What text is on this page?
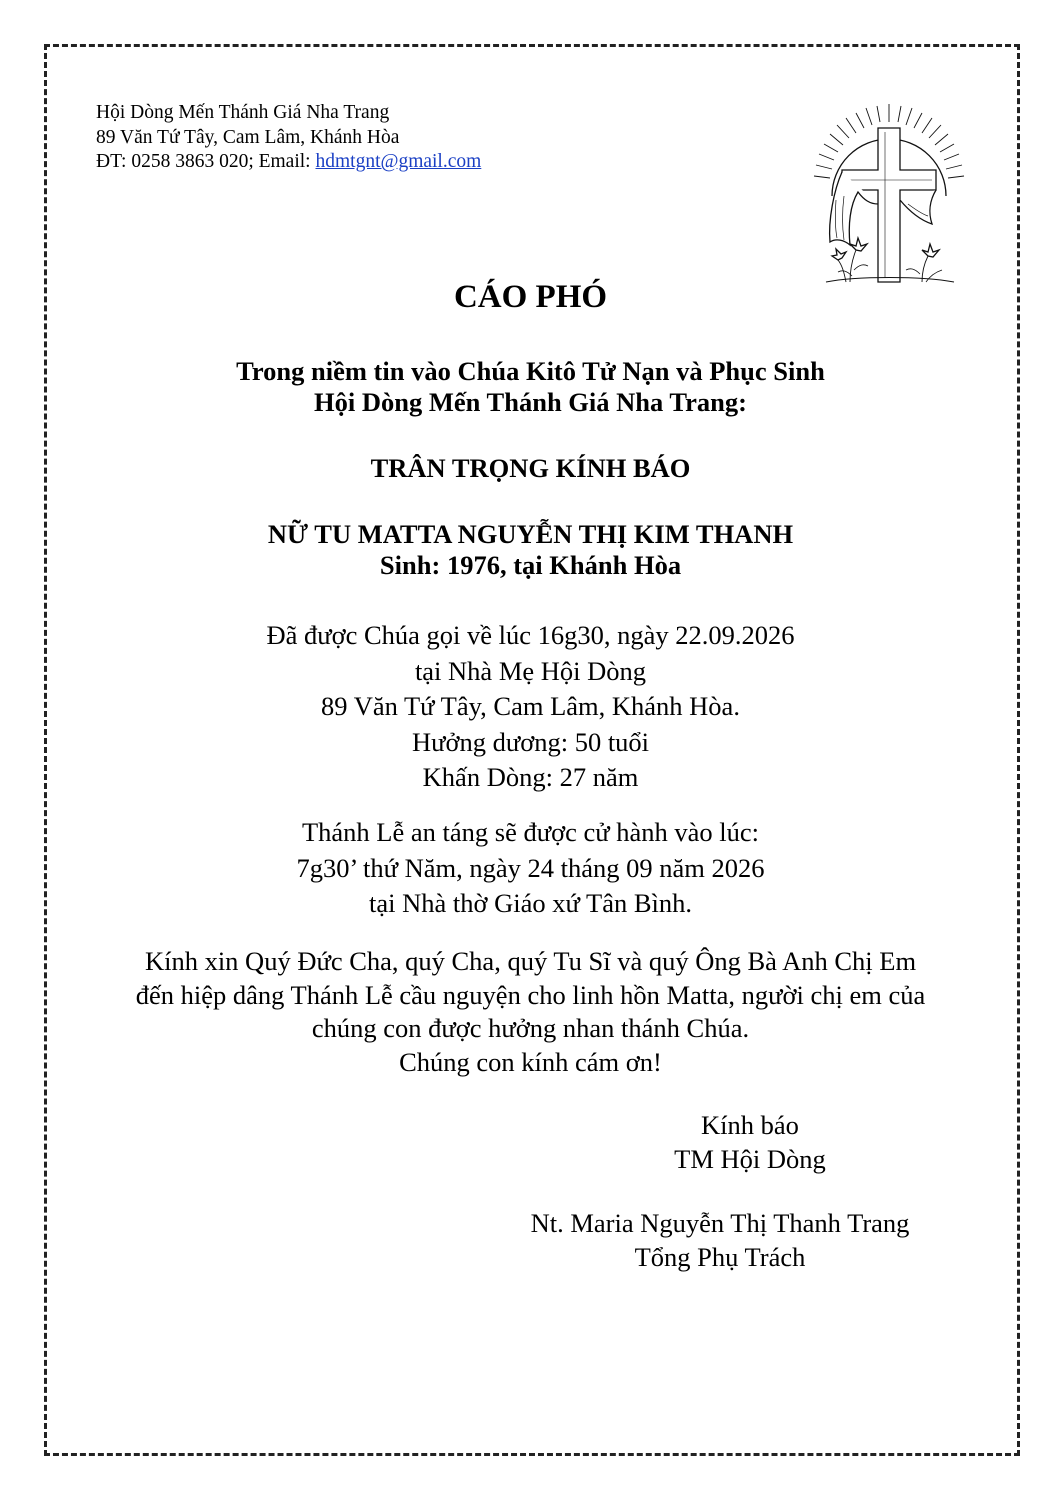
Hội Dòng Mến Thánh Giá Nha Trang
89 Văn Tứ Tây, Cam Lâm, Khánh Hòa
ĐT: 0258 3863 020; Email: hdmtgnt@gmail.com
CÁO PHÓ
Trong niềm tin vào Chúa Kitô Tử Nạn và Phục Sinh
Hội Dòng Mến Thánh Giá Nha Trang:
TRÂN TRỌNG KÍNH BÁO
NỮ TU MATTA NGUYỄN THỊ KIM THANH
Sinh: 1976, tại Khánh Hòa
Đã được Chúa gọi về lúc 16g30, ngày 22.09.2026
tại Nhà Mẹ Hội Dòng
89 Văn Tứ Tây, Cam Lâm, Khánh Hòa.
Hưởng dương: 50 tuổi
Khấn Dòng: 27 năm
Thánh Lễ an táng sẽ được cử hành vào lúc:
7g30’ thứ Năm, ngày 24 tháng 09 năm 2026
tại Nhà thờ Giáo xứ Tân Bình.
Kính xin Quý Đức Cha, quý Cha, quý Tu Sĩ và quý Ông Bà Anh Chị Em
đến hiệp dâng Thánh Lễ cầu nguyện cho linh hồn Matta, người chị em của
chúng con được hưởng nhan thánh Chúa.
Chúng con kính cám ơn!
Kính báo
TM Hội Dòng
Nt. Maria Nguyễn Thị Thanh Trang
Tổng Phụ Trách
